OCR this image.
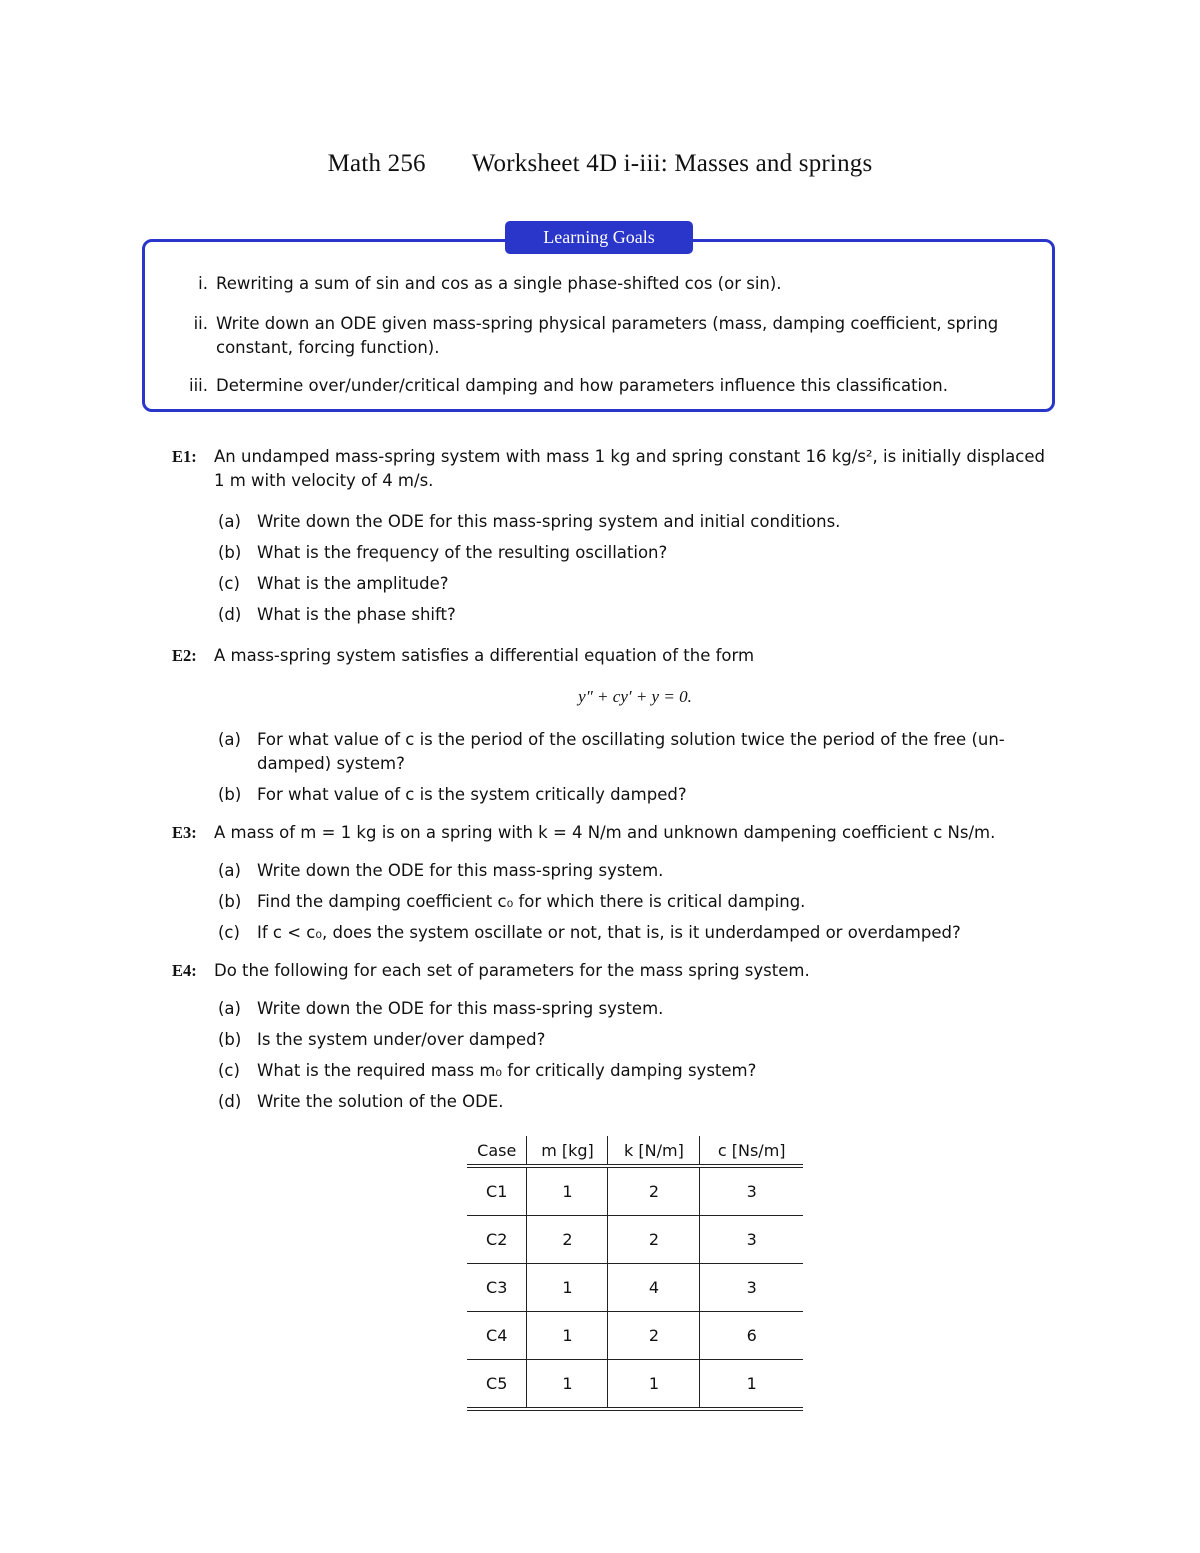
Math 256 Worksheet 4D i-iii: Masses and springs
Learning Goals
i. Rewriting a sum of sin and cos as a single phase-shifted cos (or sin).
ii. Write down an ODE given mass-spring physical parameters (mass, damping coefficient, spring constant, forcing function).
iii. Determine over/under/critical damping and how parameters influence this classification.
E1: An undamped mass-spring system with mass 1 kg and spring constant 16 kg/s², is initially displaced
1 m with velocity of 4 m/s.
(a) Write down the ODE for this mass-spring system and initial conditions.
(b) What is the frequency of the resulting oscillation?
(c) What is the amplitude?
(d) What is the phase shift?
E2: A mass-spring system satisfies a differential equation of the form
y″ + cy′ + y = 0.
(a) For what value of c is the period of the oscillating solution twice the period of the free (un-
damped) system?
(b) For what value of c is the system critically damped?
E3: A mass of m = 1 kg is on a spring with k = 4 N/m and unknown dampening coefficient c Ns/m.
(a) Write down the ODE for this mass-spring system.
(b) Find the damping coefficient c₀ for which there is critical damping.
(c) If c < c₀, does the system oscillate or not, that is, is it underdamped or overdamped?
E4: Do the following for each set of parameters for the mass spring system.
(a) Write down the ODE for this mass-spring system.
(b) Is the system under/over damped?
(c) What is the required mass m₀ for critically damping system?
(d) Write the solution of the ODE.
Case	m [kg]	k [N/m]	c [Ns/m]
C1	1	2	3
C2	2	2	3
C3	1	4	3
C4	1	2	6
C5	1	1	1
